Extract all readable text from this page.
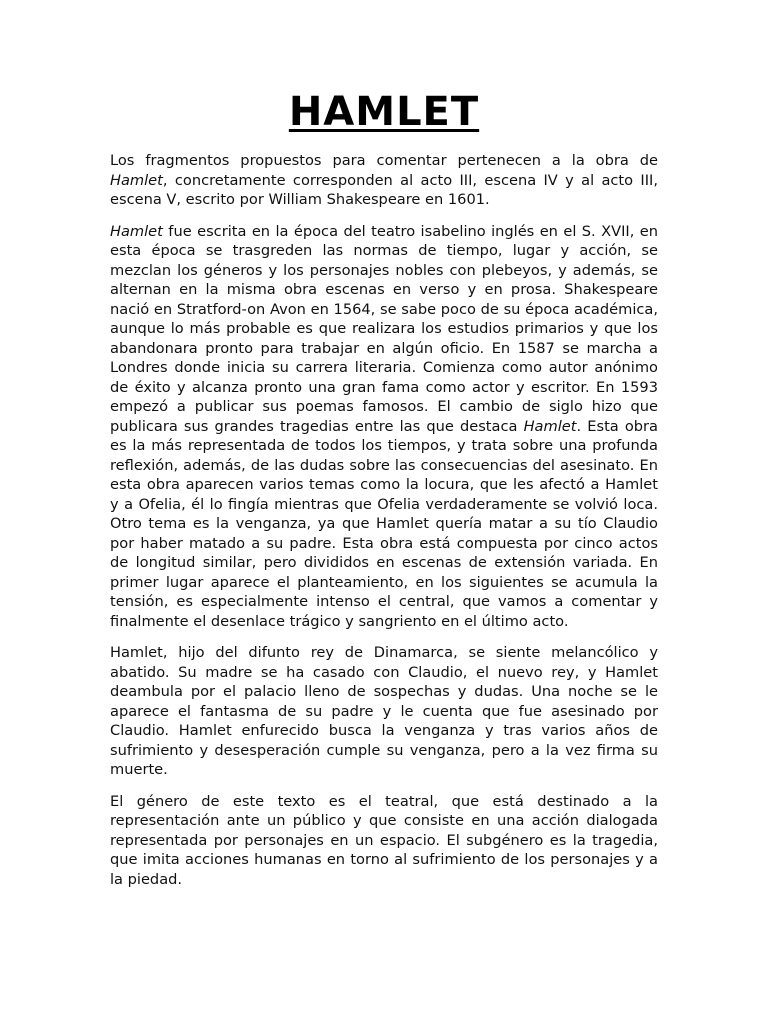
HAMLET

Los fragmentos propuestos para comentar pertenecen a la obra de Hamlet, concretamente corresponden al acto III, escena IV y al acto III, escena V, escrito por William Shakespeare en 1601.

Hamlet fue escrita en la época del teatro isabelino inglés en el S. XVII, en esta época se trasgreden las normas de tiempo, lugar y acción, se mezclan los géneros y los personajes nobles con plebeyos, y además, se alternan en la misma obra escenas en verso y en prosa. Shakespeare nació en Stratford-on Avon en 1564, se sabe poco de su época académica, aunque lo más probable es que realizara los estudios primarios y que los abandonara pronto para trabajar en algún oficio. En 1587 se marcha a Londres donde inicia su carrera literaria. Comienza como autor anónimo de éxito y alcanza pronto una gran fama como actor y escritor. En 1593 empezó a publicar sus poemas famosos. El cambio de siglo hizo que publicara sus grandes tragedias entre las que destaca Hamlet. Esta obra es la más representada de todos los tiempos, y trata sobre una profunda reflexión, además, de las dudas sobre las consecuencias del asesinato. En esta obra aparecen varios temas como la locura, que les afectó a Hamlet y a Ofelia, él lo fingía mientras que Ofelia verdaderamente se volvió loca. Otro tema es la venganza, ya que Hamlet quería matar a su tío Claudio por haber matado a su padre. Esta obra está compuesta por cinco actos de longitud similar, pero divididos en escenas de extensión variada. En primer lugar aparece el planteamiento, en los siguientes se acumula la tensión, es especialmente intenso el central, que vamos a comentar y finalmente el desenlace trágico y sangriento en el último acto.

Hamlet, hijo del difunto rey de Dinamarca, se siente melancólico y abatido. Su madre se ha casado con Claudio, el nuevo rey, y Hamlet deambula por el palacio lleno de sospechas y dudas. Una noche se le aparece el fantasma de su padre y le cuenta que fue asesinado por Claudio. Hamlet enfurecido busca la venganza y tras varios años de sufrimiento y desesperación cumple su venganza, pero a la vez firma su muerte.

El género de este texto es el teatral, que está destinado a la representación ante un público y que consiste en una acción dialogada representada por personajes en un espacio. El subgénero es la tragedia, que imita acciones humanas en torno al sufrimiento de los personajes y a la piedad.
